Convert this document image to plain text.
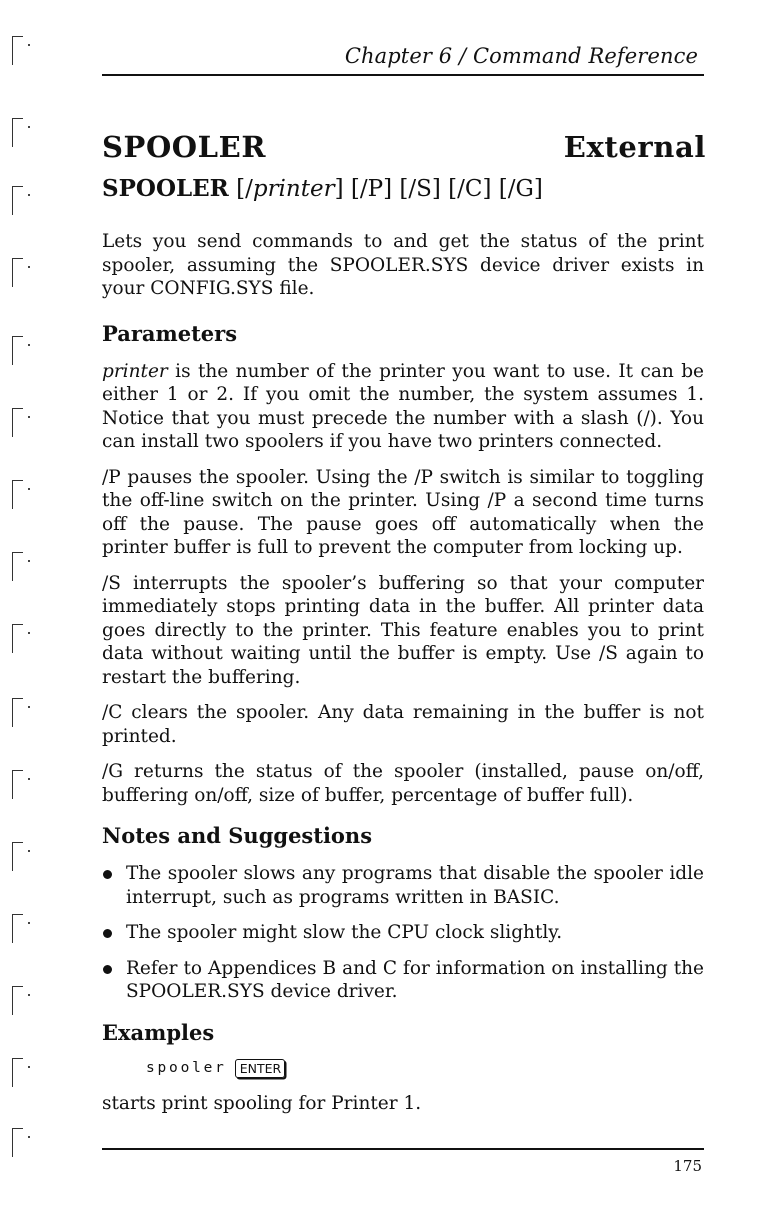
Chapter 6 / Command Reference
SPOOLER	External
SPOOLER [/printer] [/P] [/S] [/C] [/G]

Lets you send commands to and get the status of the print spooler, assuming the SPOOLER.SYS device driver exists in your CONFIG.SYS file.

Parameters

printer is the number of the printer you want to use. It can be either 1 or 2. If you omit the number, the system assumes 1. Notice that you must precede the number with a slash (/). You can install two spoolers if you have two printers connected.

/P pauses the spooler. Using the /P switch is similar to toggling the off-line switch on the printer. Using /P a second time turns off the pause. The pause goes off automatically when the printer buffer is full to prevent the computer from locking up.

/S interrupts the spooler’s buffering so that your computer immediately stops printing data in the buffer. All printer data goes directly to the printer. This feature enables you to print data without waiting until the buffer is empty. Use /S again to restart the buffering.

/C clears the spooler. Any data remaining in the buffer is not printed.

/G returns the status of the spooler (installed, pause on/off, buffering on/off, size of buffer, percentage of buffer full).

Notes and Suggestions
The spooler slows any programs that disable the spooler idle interrupt, such as programs written in BASIC.
The spooler might slow the CPU clock slightly.
Refer to Appendices B and C for information on installing the SPOOLER.SYS device driver.
Examples
spooler	ENTER

starts print spooling for Printer 1.

175
